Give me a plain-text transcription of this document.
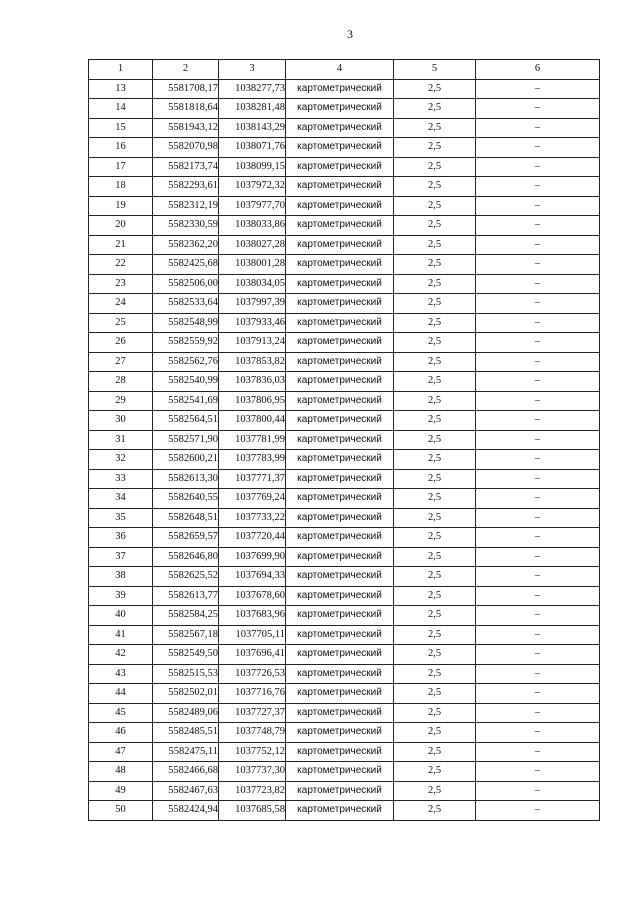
3
1	2	3	4	5	6
13	5581708,17	1038277,73	картометрический	2,5	–
14	5581818,64	1038281,48	картометрический	2,5	–
15	5581943,12	1038143,29	картометрический	2,5	–
16	5582070,98	1038071,76	картометрический	2,5	–
17	5582173,74	1038099,15	картометрический	2,5	–
18	5582293,61	1037972,32	картометрический	2,5	–
19	5582312,19	1037977,70	картометрический	2,5	–
20	5582330,59	1038033,86	картометрический	2,5	–
21	5582362,20	1038027,28	картометрический	2,5	–
22	5582425,68	1038001,28	картометрический	2,5	–
23	5582506,00	1038034,05	картометрический	2,5	–
24	5582533,64	1037997,39	картометрический	2,5	–
25	5582548,99	1037933,46	картометрический	2,5	–
26	5582559,92	1037913,24	картометрический	2,5	–
27	5582562,76	1037853,82	картометрический	2,5	–
28	5582540,99	1037836,03	картометрический	2,5	–
29	5582541,69	1037806,95	картометрический	2,5	–
30	5582564,51	1037800,44	картометрический	2,5	–
31	5582571,90	1037781,99	картометрический	2,5	–
32	5582600,21	1037783,99	картометрический	2,5	–
33	5582613,30	1037771,37	картометрический	2,5	–
34	5582640,55	1037769,24	картометрический	2,5	–
35	5582648,51	1037733,22	картометрический	2,5	–
36	5582659,57	1037720,44	картометрический	2,5	–
37	5582646,80	1037699,90	картометрический	2,5	–
38	5582625,52	1037694,33	картометрический	2,5	–
39	5582613,77	1037678,60	картометрический	2,5	–
40	5582584,25	1037683,96	картометрический	2,5	–
41	5582567,18	1037705,11	картометрический	2,5	–
42	5582549,50	1037696,41	картометрический	2,5	–
43	5582515,53	1037726,53	картометрический	2,5	–
44	5582502,01	1037716,76	картометрический	2,5	–
45	5582489,06	1037727,37	картометрический	2,5	–
46	5582485,51	1037748,79	картометрический	2,5	–
47	5582475,11	1037752,12	картометрический	2,5	–
48	5582466,68	1037737,30	картометрический	2,5	–
49	5582467,63	1037723,82	картометрический	2,5	–
50	5582424,94	1037685,58	картометрический	2,5	–
